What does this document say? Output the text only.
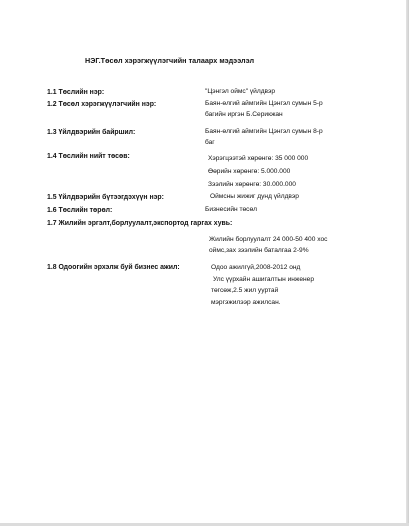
НЭГ.Төсөл хэрэгжүүлэгчийн талаарх мэдээлэл
1.1 Төслийн нэр:	"Цэнгэл оймс" үйлдвэр
1.2 Төсөл хэрэгжүүлэгчийн нэр:	Баян-өлгий аймгийн Цэнгэл сумын 5-р
багийн иргэн Б.Серикжан
1.3 Үйлдвэрийн байршил:	Баян-өлгий аймгийн Цэнгэл сумын 8-р
баг
1.4 Төслийн нийт төсөв:	Хэрэгцээтэй хөрөнгө: 35 000 000
Өөрийн хөрөнгө: 5.000.000
Зээлийн хөрөнгө: 30.000.000
1.5 Үйлдвэрийн бүтээгдэхүүн нэр:	Оймсны жижиг дунд үйлдвэр
1.6 Төслийн төрөл:	Бизнесийн төсөл
1.7 Жилийн эргэлт,борлуулалт,экспортод гаргах хувь:
Жилийн борлуулалт 24 000-50 400 хос
оймс,зах зээлийн баталгаа 2-9%
1.8 Одоогийн эрхэлж буй бизнес ажил:	Одоо ажилгүй,2008-2012 онд
Улс үүрхайн ашигалтын инженер
төгсөж,2.5 жил ууртай
мэргэжилээр ажилсан.
